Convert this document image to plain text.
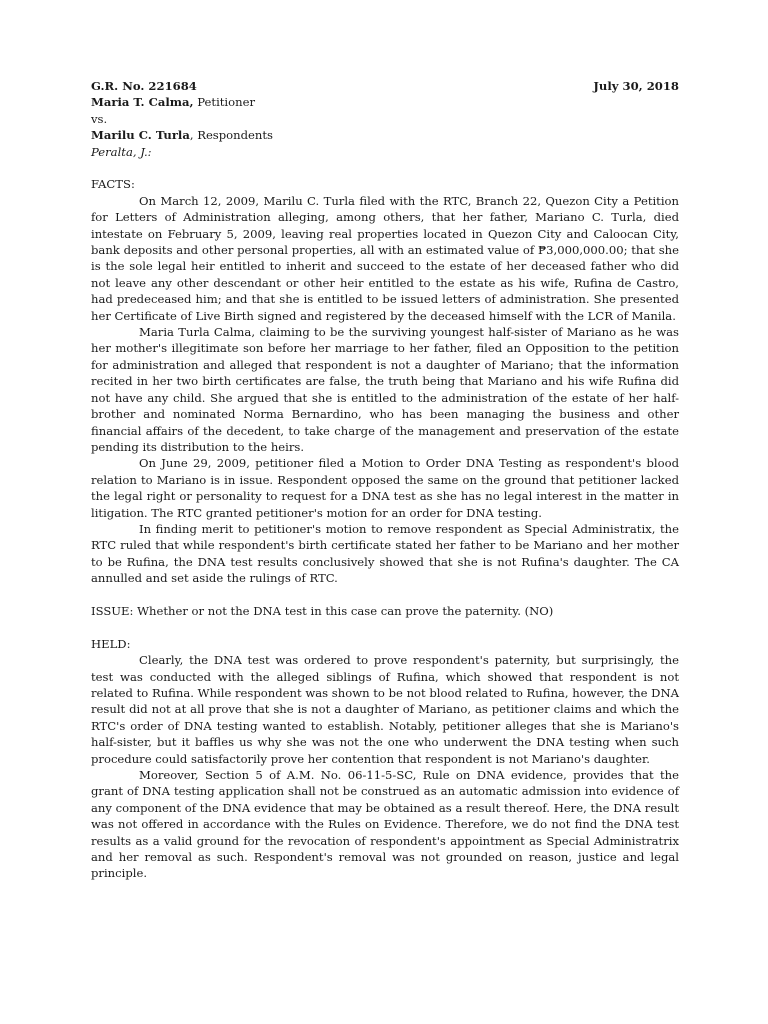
G.R. No. 221684	July 30, 2018
Maria T. Calma, Petitioner
vs.
Marilu C. Turla, Respondents
Peralta, J.:
FACTS:

On March 12, 2009, Marilu C. Turla filed with the RTC, Branch 22, Quezon City a Petition for Letters of Administration alleging, among others, that her father, Mariano C. Turla, died intestate on February 5, 2009, leaving real properties located in Quezon City and Caloocan City, bank deposits and other personal properties, all with an estimated value of ₱3,000,000.00; that she is the sole legal heir entitled to inherit and succeed to the estate of her deceased father who did not leave any other descendant or other heir entitled to the estate as his wife, Rufina de Castro, had predeceased him; and that she is entitled to be issued letters of administration. She presented her Certificate of Live Birth signed and registered by the deceased himself with the LCR of Manila.

Maria Turla Calma, claiming to be the surviving youngest half-sister of Mariano as he was her mother's illegitimate son before her marriage to her father, filed an Opposition to the petition for administration and alleged that respondent is not a daughter of Mariano; that the information recited in her two birth certificates are false, the truth being that Mariano and his wife Rufina did not have any child. She argued that she is entitled to the administration of the estate of her half-brother and nominated Norma Bernardino, who has been managing the business and other financial affairs of the decedent, to take charge of the management and preservation of the estate pending its distribution to the heirs.

On June 29, 2009, petitioner filed a Motion to Order DNA Testing as respondent's blood relation to Mariano is in issue. Respondent opposed the same on the ground that petitioner lacked the legal right or personality to request for a DNA test as she has no legal interest in the matter in litigation. The RTC granted petitioner's motion for an order for DNA testing.

In finding merit to petitioner's motion to remove respondent as Special Administratix, the RTC ruled that while respondent's birth certificate stated her father to be Mariano and her mother to be Rufina, the DNA test results conclusively showed that she is not Rufina's daughter. The CA annulled and set aside the rulings of RTC.

ISSUE: Whether or not the DNA test in this case can prove the paternity. (NO)
HELD:

Clearly, the DNA test was ordered to prove respondent's paternity, but surprisingly, the test was conducted with the alleged siblings of Rufina, which showed that respondent is not related to Rufina. While respondent was shown to be not blood related to Rufina, however, the DNA result did not at all prove that she is not a daughter of Mariano, as petitioner claims and which the RTC's order of DNA testing wanted to establish. Notably, petitioner alleges that she is Mariano's half-sister, but it baffles us why she was not the one who underwent the DNA testing when such procedure could satisfactorily prove her contention that respondent is not Mariano's daughter.

Moreover, Section 5 of A.M. No. 06-11-5-SC, Rule on DNA evidence, provides that the grant of DNA testing application shall not be construed as an automatic admission into evidence of any component of the DNA evidence that may be obtained as a result thereof. Here, the DNA result was not offered in accordance with the Rules on Evidence. Therefore, we do not find the DNA test results as a valid ground for the revocation of respondent's appointment as Special Administratrix and her removal as such. Respondent's removal was not grounded on reason, justice and legal principle.
